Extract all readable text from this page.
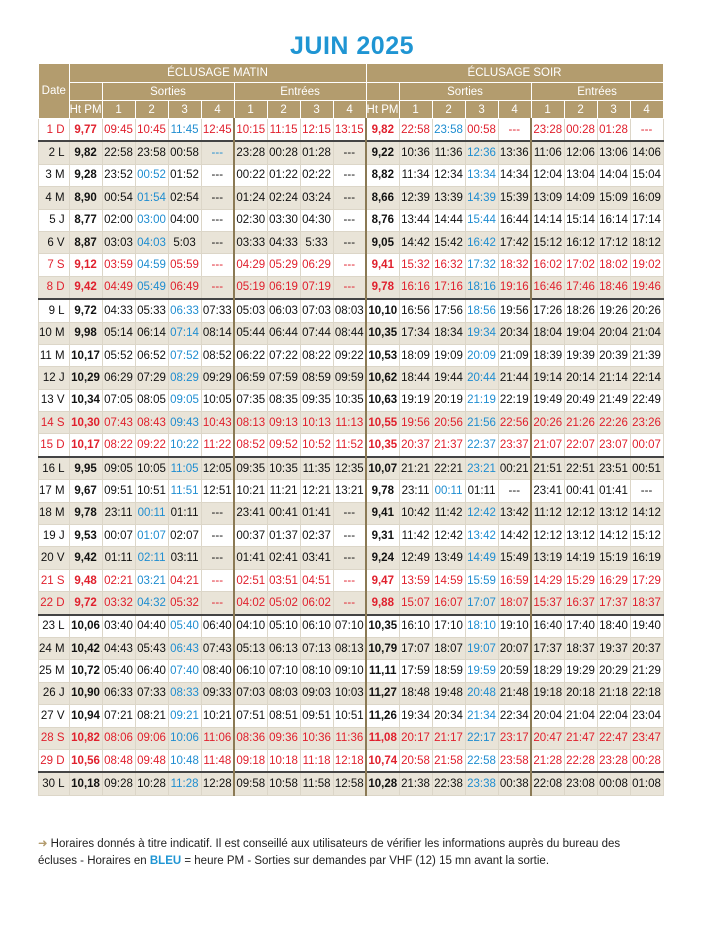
JUIN 2025
Date	ÉCLUSAGE MATIN									ÉCLUSAGE SOIR								
		Sorties				Entrées					Sorties				Entrées			
	Ht PM	1	2	3	4	1	2	3	4	Ht PM	1	2	3	4	1	2	3	4
1 D	9,77	09:45	10:45	11:45	12:45	10:15	11:15	12:15	13:15	9,82	22:58	23:58	00:58	---	23:28	00:28	01:28	---
2 L	9,82	22:58	23:58	00:58	---	23:28	00:28	01:28	---	9,22	10:36	11:36	12:36	13:36	11:06	12:06	13:06	14:06
3 M	9,28	23:52	00:52	01:52	---	00:22	01:22	02:22	---	8,82	11:34	12:34	13:34	14:34	12:04	13:04	14:04	15:04
4 M	8,90	00:54	01:54	02:54	---	01:24	02:24	03:24	---	8,66	12:39	13:39	14:39	15:39	13:09	14:09	15:09	16:09
5 J	8,77	02:00	03:00	04:00	---	02:30	03:30	04:30	---	8,76	13:44	14:44	15:44	16:44	14:14	15:14	16:14	17:14
6 V	8,87	03:03	04:03	5:03	---	03:33	04:33	5:33	---	9,05	14:42	15:42	16:42	17:42	15:12	16:12	17:12	18:12
7 S	9,12	03:59	04:59	05:59	---	04:29	05:29	06:29	---	9,41	15:32	16:32	17:32	18:32	16:02	17:02	18:02	19:02
8 D	9,42	04:49	05:49	06:49	---	05:19	06:19	07:19	---	9,78	16:16	17:16	18:16	19:16	16:46	17:46	18:46	19:46
9 L	9,72	04:33	05:33	06:33	07:33	05:03	06:03	07:03	08:03	10,10	16:56	17:56	18:56	19:56	17:26	18:26	19:26	20:26
10 M	9,98	05:14	06:14	07:14	08:14	05:44	06:44	07:44	08:44	10,35	17:34	18:34	19:34	20:34	18:04	19:04	20:04	21:04
11 M	10,17	05:52	06:52	07:52	08:52	06:22	07:22	08:22	09:22	10,53	18:09	19:09	20:09	21:09	18:39	19:39	20:39	21:39
12 J	10,29	06:29	07:29	08:29	09:29	06:59	07:59	08:59	09:59	10,62	18:44	19:44	20:44	21:44	19:14	20:14	21:14	22:14
13 V	10,34	07:05	08:05	09:05	10:05	07:35	08:35	09:35	10:35	10,63	19:19	20:19	21:19	22:19	19:49	20:49	21:49	22:49
14 S	10,30	07:43	08:43	09:43	10:43	08:13	09:13	10:13	11:13	10,55	19:56	20:56	21:56	22:56	20:26	21:26	22:26	23:26
15 D	10,17	08:22	09:22	10:22	11:22	08:52	09:52	10:52	11:52	10,35	20:37	21:37	22:37	23:37	21:07	22:07	23:07	00:07
16 L	9,95	09:05	10:05	11:05	12:05	09:35	10:35	11:35	12:35	10,07	21:21	22:21	23:21	00:21	21:51	22:51	23:51	00:51
17 M	9,67	09:51	10:51	11:51	12:51	10:21	11:21	12:21	13:21	9,78	23:11	00:11	01:11	---	23:41	00:41	01:41	---
18 M	9,78	23:11	00:11	01:11	---	23:41	00:41	01:41	---	9,41	10:42	11:42	12:42	13:42	11:12	12:12	13:12	14:12
19 J	9,53	00:07	01:07	02:07	---	00:37	01:37	02:37	---	9,31	11:42	12:42	13:42	14:42	12:12	13:12	14:12	15:12
20 V	9,42	01:11	02:11	03:11	---	01:41	02:41	03:41	---	9,24	12:49	13:49	14:49	15:49	13:19	14:19	15:19	16:19
21 S	9,48	02:21	03:21	04:21	---	02:51	03:51	04:51	---	9,47	13:59	14:59	15:59	16:59	14:29	15:29	16:29	17:29
22 D	9,72	03:32	04:32	05:32	---	04:02	05:02	06:02	---	9,88	15:07	16:07	17:07	18:07	15:37	16:37	17:37	18:37
23 L	10,06	03:40	04:40	05:40	06:40	04:10	05:10	06:10	07:10	10,35	16:10	17:10	18:10	19:10	16:40	17:40	18:40	19:40
24 M	10,42	04:43	05:43	06:43	07:43	05:13	06:13	07:13	08:13	10,79	17:07	18:07	19:07	20:07	17:37	18:37	19:37	20:37
25 M	10,72	05:40	06:40	07:40	08:40	06:10	07:10	08:10	09:10	11,11	17:59	18:59	19:59	20:59	18:29	19:29	20:29	21:29
26 J	10,90	06:33	07:33	08:33	09:33	07:03	08:03	09:03	10:03	11,27	18:48	19:48	20:48	21:48	19:18	20:18	21:18	22:18
27 V	10,94	07:21	08:21	09:21	10:21	07:51	08:51	09:51	10:51	11,26	19:34	20:34	21:34	22:34	20:04	21:04	22:04	23:04
28 S	10,82	08:06	09:06	10:06	11:06	08:36	09:36	10:36	11:36	11,08	20:17	21:17	22:17	23:17	20:47	21:47	22:47	23:47
29 D	10,56	08:48	09:48	10:48	11:48	09:18	10:18	11:18	12:18	10,74	20:58	21:58	22:58	23:58	21:28	22:28	23:28	00:28
30 L	10,18	09:28	10:28	11:28	12:28	09:58	10:58	11:58	12:58	10,28	21:38	22:38	23:38	00:38	22:08	23:08	00:08	01:08
➜ Horaires donnés à titre indicatif. Il est conseillé aux utilisateurs de vérifier les informations auprès du bureau des
écluses - Horaires en BLEU = heure PM - Sorties sur demandes par VHF (12) 15 mn avant la sortie.
